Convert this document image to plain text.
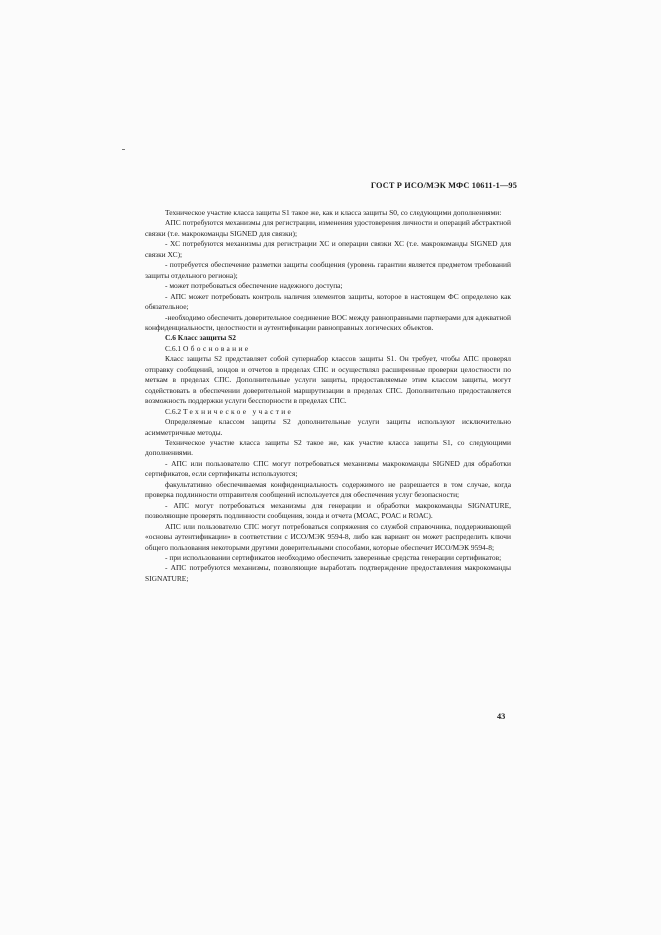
ГОСТ Р ИСО/МЭК МФС 10611-1—95

Техническое участие класса защиты S1 такое же, как и класса защиты S0, со следующими дополнениями:

АПС потребуются механизмы для регистрации, изменения удостоверения личности и операций абстрактной связки (т.е. макрокоманды SIGNED для связки);

- ХС потребуются механизмы для регистрации ХС и операции связки ХС (т.е. макрокоманды SIGNED для связки ХС);

- потребуется обеспечение разметки защиты сообщения (уровень гарантии является предметом требований защиты отдельного региона);

- может потребоваться обеспечение надежного доступа;

- АПС может потребовать контроль наличия элементов защиты, которое в настоящем ФС определено как обязательное;

-необходимо обеспечить доверительное соединение ВОС между равноправными партнерами для адекватной конфиденциальности, целостности и аутентификации равноправных логических объектов.

С.6 Класс защиты S2
С.6.1 Обоснование

Класс защиты S2 представляет собой супернабор классов защиты S1. Он требует, чтобы АПС проверял отправку сообщений, зондов и отчетов в пределах СПС и осуществлял расширенные проверки целостности по меткам в пределах СПС. Дополнительные услуги защиты, предоставляемые этим классом защиты, могут содействовать в обеспечении доверительной маршрутизации в пределах СПС. Дополнительно предоставляется возможность поддержки услуги бесспорности в пределах СПС.

С.6.2 Техническое участие

Определяемые классом защиты S2 дополнительные услуги защиты используют исключительно асимметричные методы.

Техническое участие класса защиты S2 такое же, как участие класса защиты S1, со следующими дополнениями.

- АПС или пользователю СПС могут потребоваться механизмы макрокоманды SIGNED для обработки сертификатов, если сертификаты используются;

факультативно обеспечиваемая конфиденциальность содержимого не разрешается в том случае, когда проверка подлинности отправителя сообщений используется для обеспечения услуг безопасности;

- АПС могут потребоваться механизмы для генерации и обработки макрокоманды SIGNATURE, позволяющие проверять подлинности сообщения, зонда и отчета (МОАС, РОАС и RОАС).

АПС или пользователю СПС могут потребоваться сопряжения со службой справочника, поддерживающей «основы аутентификации» в соответствии с ИСО/МЭК 9594-8, либо как вариант он может распределить ключи общего пользования некоторыми другими доверительными способами, которые обеспечит ИСО/МЭК 9594-8;

- при использовании сертификатов необходимо обеспечить заверенные средства генерации сертификатов;

- АПС потребуются механизмы, позволяющие выработать подтверждение предоставления макрокоманды SIGNATURE;

43
